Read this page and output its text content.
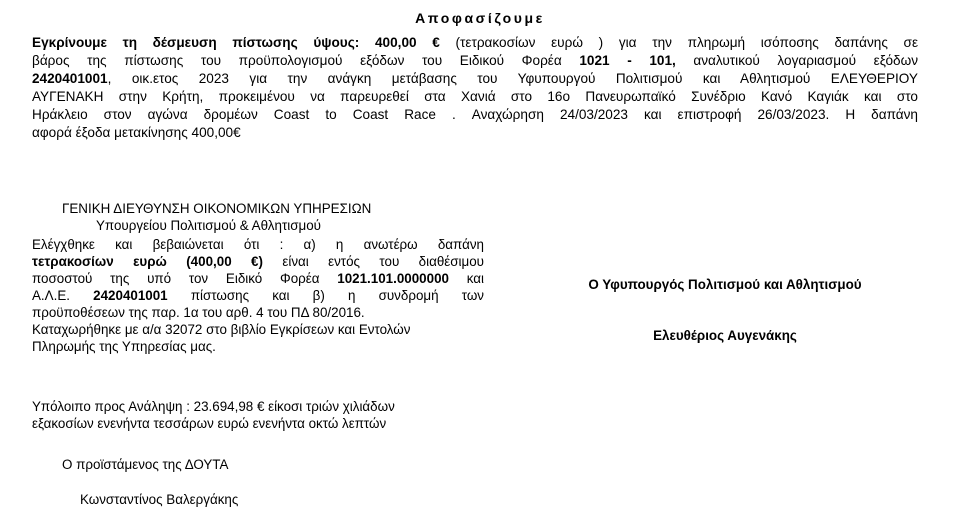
Αποφασίζουμε
Εγκρίνουμε τη δέσμευση πίστωσης ύψους: 400,00 € (τετρακοσίων ευρώ ) για την πληρωμή ισόποσης δαπάνης σε
βάρος της πίστωσης του προϋπολογισμού εξόδων του Ειδικού Φορέα 1021 - 101, αναλυτικού λογαριασμού εξόδων
2420401001, οικ.ετος 2023 για την ανάγκη μετάβασης του Υφυπουργού Πολιτισμού και Αθλητισμού ΕΛΕΥΘΕΡΙΟΥ
ΑΥΓΕΝΑΚΗ στην Κρήτη, προκειμένου να παρευρεθεί στα Χανιά στο 16ο Πανευρωπαϊκό Συνέδριο Κανό Καγιάκ και στο
Ηράκλειο στον αγώνα δρομέων Coast to Coast Race . Αναχώρηση 24/03/2023 και επιστροφή 26/03/2023. Η δαπάνη
αφορά έξοδα μετακίνησης 400,00€
ΓΕΝΙΚΗ ΔΙΕΥΘΥΝΣΗ ΟΙΚΟΝΟΜΙΚΩΝ ΥΠΗΡΕΣΙΩΝ
Υπουργείου Πολιτισμού & Αθλητισμού
Ελέγχθηκε και βεβαιώνεται ότι : α) η ανωτέρω δαπάνη
τετρακοσίων ευρώ (400,00 €) είναι εντός του διαθέσιμου
ποσοστού της υπό τον Ειδικό Φορέα 1021.101.0000000 και
Α.Λ.Ε. 2420401001 πίστωσης και β) η συνδρομή των
προϋποθέσεων της παρ. 1α του αρθ. 4 του ΠΔ 80/2016.
Καταχωρήθηκε με α/α 32072 στο βιβλίο Εγκρίσεων και Εντολών
Πληρωμής της Υπηρεσίας μας.
Υπόλοιπο προς Ανάληψη : 23.694,98 € είκοσι τριών χιλιάδων
εξακοσίων ενενήντα τεσσάρων ευρώ ενενήντα οκτώ λεπτών
Ο προϊστάμενος της ΔΟΥΤΑ
Κωνσταντίνος Βαλεργάκης
Ο Υφυπουργός Πολιτισμού και Αθλητισμού
Ελευθέριος Αυγενάκης
